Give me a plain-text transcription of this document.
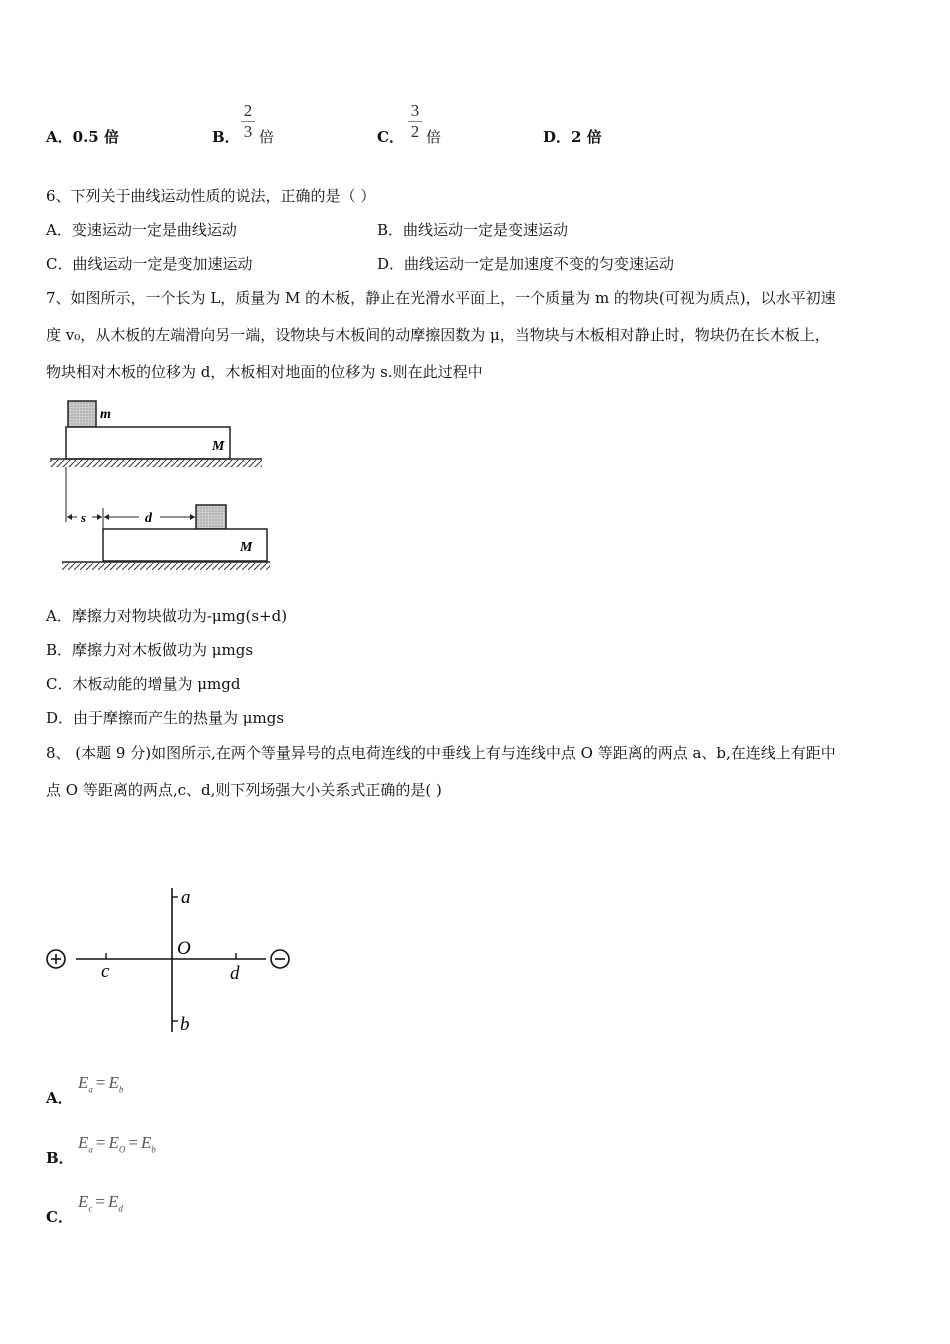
A．0.5 倍	B．
2
3 倍	C．
3
2 倍	D．2 倍
6、下列关于曲线运动性质的说法，正确的是（ ）
A．变速运动一定是曲线运动	B．曲线运动一定是变速运动
C．曲线运动一定是变加速运动	D．曲线运动一定是加速度不变的匀变速运动
7、如图所示，一个长为 L，质量为 M 的木板，静止在光滑水平面上，一个质量为 m 的物块(可视为质点)，以水平初速
度 v₀，从木板的左端滑向另一端，设物块与木板间的动摩擦因数为 μ，当物块与木板相对静止时，物块仍在长木板上，
物块相对木板的位移为 d，木板相对地面的位移为 s.则在此过程中
m
M
s	d
M
A．摩擦力对物块做功为-μmg(s+d)
B．摩擦力对木板做功为 μmgs
C．木板动能的增量为 μmgd
D．由于摩擦而产生的热量为 μmgs
8、 (本题 9 分)如图所示,在两个等量异号的点电荷连线的中垂线上有与连线中点 O 等距离的两点 a、b,在连线上有距中
点 O 等距离的两点,c、d,则下列场强大小关系式正确的是( )
a
O
c	d
b
A．
$E_a = E_b$
B．
$E_a = E_O = E_b$
C．
$E_c = E_d$
